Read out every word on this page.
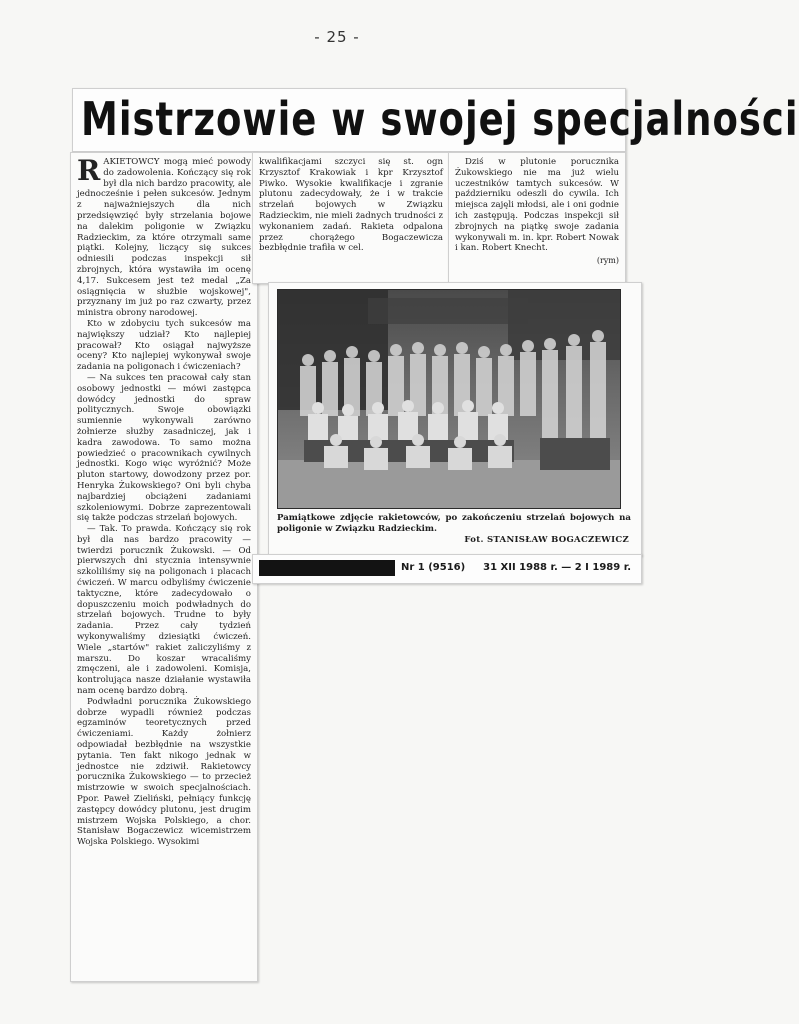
- 25 -
Mistrzowie w swojej specjalności

RAKIETOWCY mogą mieć powody do zadowolenia. Kończący się rok był dla nich bardzo pracowity, ale jednocześnie i pełen sukcesów. Jednym z najważniejszych dla nich przedsięwzięć były strzelania bojowe na dalekim poligonie w Związku Radzieckim, za które otrzymali same piątki. Kolejny, liczący się sukces odniesili podczas inspekcji sił zbrojnych, która wystawiła im ocenę 4,17. Sukcesem jest też medal „Za osiągnięcia w służbie wojskowej", przyznany im już po raz czwarty, przez ministra obrony narodowej.

Kto w zdobyciu tych sukcesów ma największy udział? Kto najlepiej pracował? Kto osiągał najwyższe oceny? Kto najlepiej wykonywał swoje zadania na poligonach i ćwiczeniach?

— Na sukces ten pracował cały stan osobowy jednostki — mówi zastępca dowódcy jednostki do spraw politycznych. Swoje obowiązki sumiennie wykonywali zarówno żołnierze służby zasadniczej, jak i kadra zawodowa. To samo można powiedzieć o pracownikach cywilnych jednostki. Kogo więc wyróżnić? Może pluton startowy, dowodzony przez por. Henryka Żukowskiego? Oni byli chyba najbardziej obciążeni zadaniami szkoleniowymi. Dobrze zaprezentowali się także podczas strzelań bojowych.

— Tak. To prawda. Kończący się rok był dla nas bardzo pracowity — twierdzi porucznik Żukowski. — Od pierwszych dni stycznia intensywnie szkoliliśmy się na poligonach i placach ćwiczeń. W marcu odbyliśmy ćwiczenie taktyczne, które zadecydowało o dopuszczeniu moich podwładnych do strzelań bojowych. Trudne to były zadania. Przez cały tydzień wykonywaliśmy dziesiątki ćwiczeń. Wiele „startów" rakiet zaliczyliśmy z marszu. Do koszar wracaliśmy zmęczeni, ale i zadowoleni. Komisja, kontrolująca nasze działanie wystawiła nam ocenę bardzo dobrą.

Podwładni porucznika Żukowskiego dobrze wypadli również podczas egzaminów teoretycznych przed ćwiczeniami. Każdy żołnierz odpowiadał bezbłędnie na wszystkie pytania. Ten fakt nikogo jednak w jednostce nie zdziwił. Rakietowcy porucznika Żukowskiego — to przecież mistrzowie w swoich specjalnościach. Ppor. Paweł Zieliński, pełniący funkcję zastępcy dowódcy plutonu, jest drugim mistrzem Wojska Polskiego, a chor. Stanisław Bogaczewicz wicemistrzem Wojska Polskiego. Wysokimi

kwalifikacjami szczyci się st. ogn Krzysztof Krakowiak i kpr Krzysztof Piwko. Wysokie kwalifikacje i zgranie plutonu zadecydowały, że i w trakcie strzelań bojowych w Związku Radzieckim, nie mieli żadnych trudności z wykonaniem zadań. Rakieta odpalona przez chorążego Bogaczewicza bezbłędnie trafiła w cel.

Dziś w plutonie porucznika Żukowskiego nie ma już wielu uczestników tamtych sukcesów. W październiku odeszli do cywila. Ich miejsca zajęli młodsi, ale i oni godnie ich zastępują. Podczas inspekcji sił zbrojnych na piątkę swoje zadania wykonywali m. in. kpr. Robert Nowak i kan. Robert Knecht.

(rym)
Pamiątkowe zdjęcie rakietowców, po zakończeniu strzelań bojowych na poligonie w Związku Radzieckim.
Fot. STANISŁAW BOGACZEWICZ
Nr 1 (9516) 31 XII 1988 r. — 2 I 1989 r.
